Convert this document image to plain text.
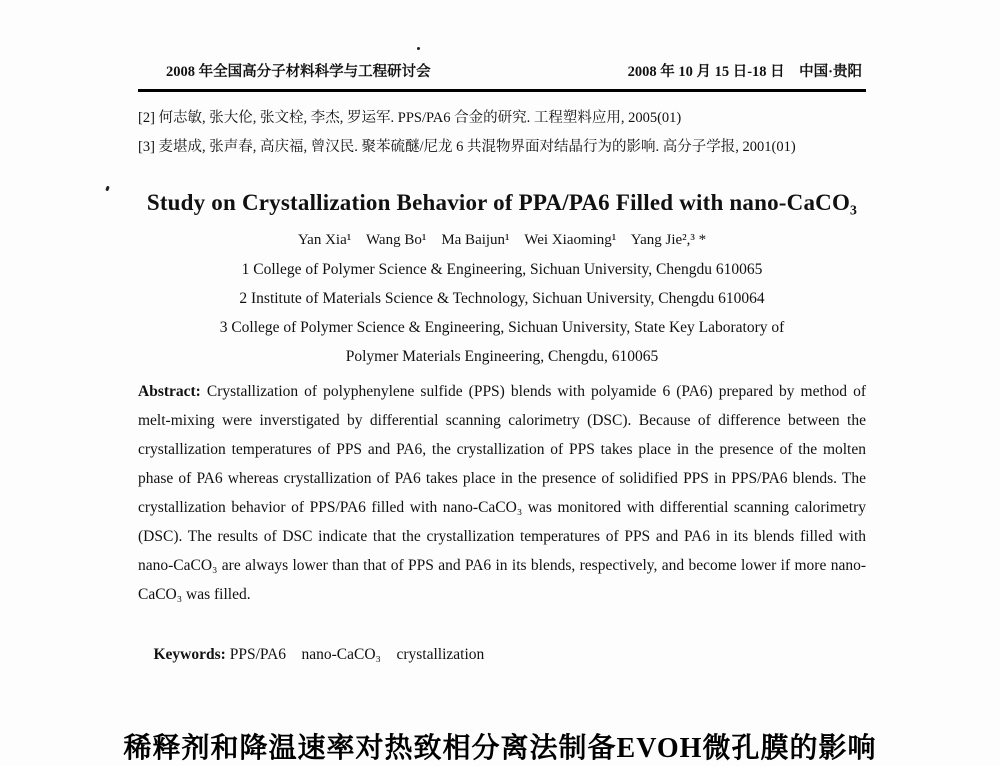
2008 年全国高分子材料科学与工程研讨会	2008 年 10 月 15 日-18 日    中国·贵阳
[2] 何志敏, 张大伦, 张文栓, 李杰, 罗运军. PPS/PA6 合金的研究. 工程塑料应用, 2005(01)
[3] 麦堪成, 张声春, 高庆福, 曾汉民. 聚苯硫醚/尼龙 6 共混物界面对结晶行为的影响. 高分子学报, 2001(01)
Study on Crystallization Behavior of PPA/PA6 Filled with nano-CaCO₃
Yan Xia¹    Wang Bo¹    Ma Baijun¹    Wei Xiaoming¹    Yang Jie²,³ *
1 College of Polymer Science & Engineering, Sichuan University, Chengdu 610065
2 Institute of Materials Science & Technology, Sichuan University, Chengdu 610064
3 College of Polymer Science & Engineering, Sichuan University, State Key Laboratory of
Polymer Materials Engineering, Chengdu, 610065
Abstract: Crystallization of polyphenylene sulfide (PPS) blends with polyamide 6 (PA6) prepared by method of melt-mixing were inverstigated by differential scanning calorimetry (DSC). Because of difference between the crystallization temperatures of PPS and PA6, the crystallization of PPS takes place in the presence of the molten phase of PA6 whereas crystallization of PA6 takes place in the presence of solidified PPS in PPS/PA6 blends. The crystallization behavior of PPS/PA6 filled with nano-CaCO₃ was monitored with differential scanning calorimetry (DSC). The results of DSC indicate that the crystallization temperatures of PPS and PA6 in its blends filled with nano-CaCO₃ are always lower than that of PPS and PA6 in its blends, respectively, and become lower if more nano-CaCO₃ was filled.

Keywords: PPS/PA6    nano-CaCO₃    crystallization

稀释剂和降温速率对热致相分离法制备EVOH微孔膜的影响
